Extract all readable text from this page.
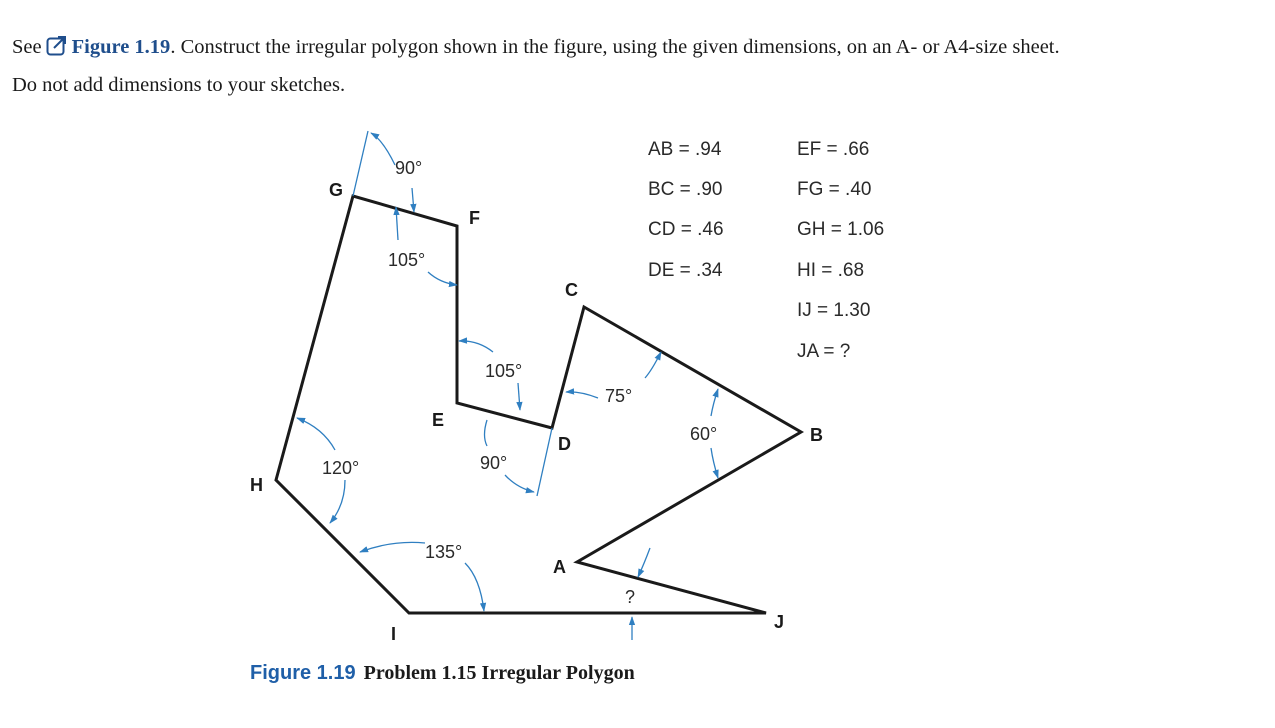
See Figure 1.19. Construct the irregular polygon shown in the figure, using the given dimensions, on an A- or A4-size sheet.
Do not add dimensions to your sketches.
A
B
C
D
E
F
G
H
I
J
90°
105°
105°
90°
75°
60°
120°
135°
?
AB = .94
BC = .90
CD = .46
DE = .34
EF = .66
FG = .40
GH = 1.06
HI = .68
IJ = 1.30
JA = ?
Figure 1.19 Problem 1.15 Irregular Polygon
